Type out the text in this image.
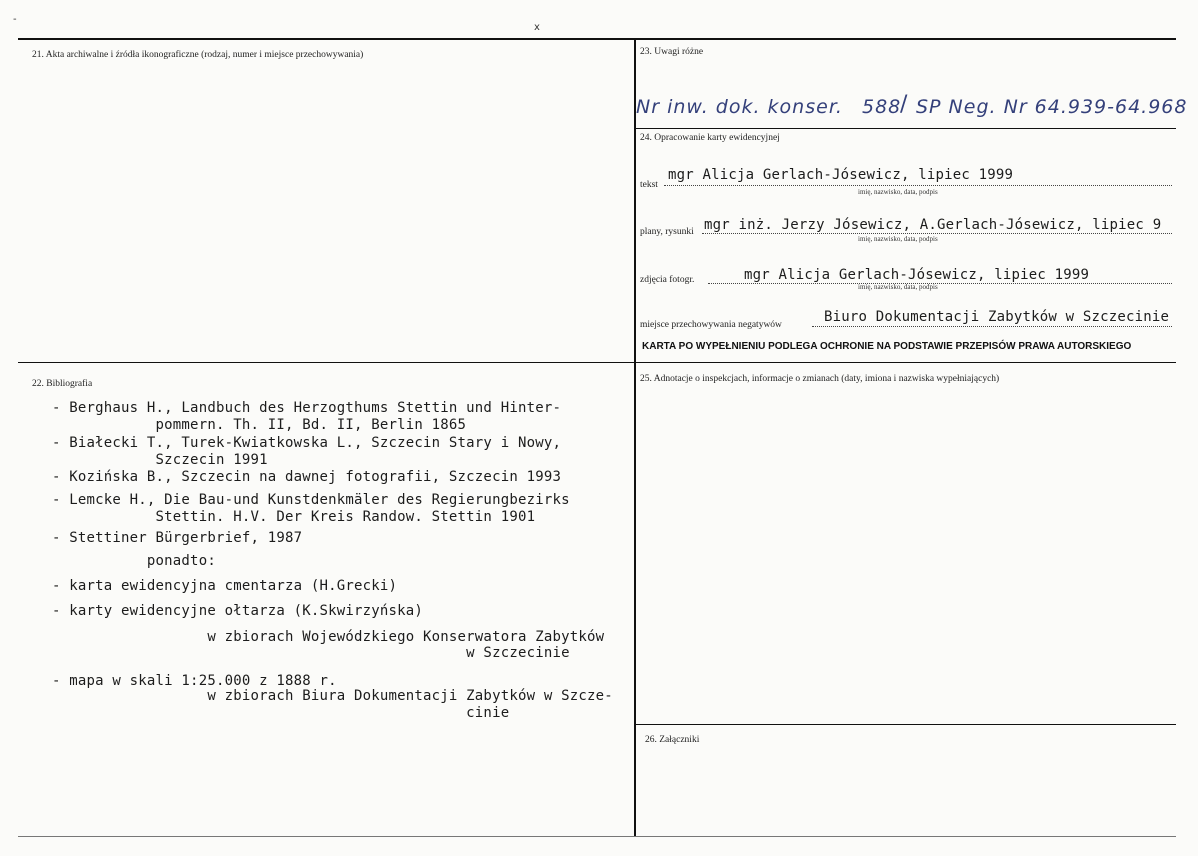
x
-
21. Akta archiwalne i źródła ikonograficzne (rodzaj, numer i miejsce przechowywania)	23. Uwagi różne
Nr inw. dok. konser. 588
/ SP Neg. Nr 64.939-64.968
24. Opracowanie karty ewidencyjnej
tekst
mgr Alicja Gerlach-Jósewicz, lipiec 1999
imię, nazwisko, data, podpis
plany, rysunki mgr inż. Jerzy Jósewicz, A.Gerlach-Jósewicz, lipiec 9
imię, nazwisko, data, podpis
zdjęcia fotogr.	mgr Alicja Gerlach-Jósewicz, lipiec 1999
imię, nazwisko, data, podpis
miejsce przechowywania negatywów	Biuro Dokumentacji Zabytków w Szczecinie
KARTA PO WYPEŁNIENIU PODLEGA OCHRONIE NA PODSTAWIE PRZEPISÓW PRAWA AUTORSKIEGO
22. Bibliografia
- Berghaus H., Landbuch des Herzogthums Stettin und Hinter-
pommern. Th. II, Bd. II, Berlin 1865
- Białecki T., Turek-Kwiatkowska L., Szczecin Stary i Nowy,
Szczecin 1991
- Kozińska B., Szczecin na dawnej fotografii, Szczecin 1993
- Lemcke H., Die Bau-und Kunstdenkmäler des Regierungbezirks
Stettin. H.V. Der Kreis Randow. Stettin 1901
- Stettiner Bürgerbrief, 1987
ponadto:
- karta ewidencyjna cmentarza (H.Grecki)
- karty ewidencyjne ołtarza (K.Skwirzyńska)
w zbiorach Wojewódzkiego Konserwatora Zabytków
w Szczecinie
- mapa w skali 1:25.000 z 1888 r.
w zbiorach Biura Dokumentacji Zabytków w Szcze-
cinie
25. Adnotacje o inspekcjach, informacje o zmianach (daty, imiona i nazwiska wypełniających)
26. Załączniki
